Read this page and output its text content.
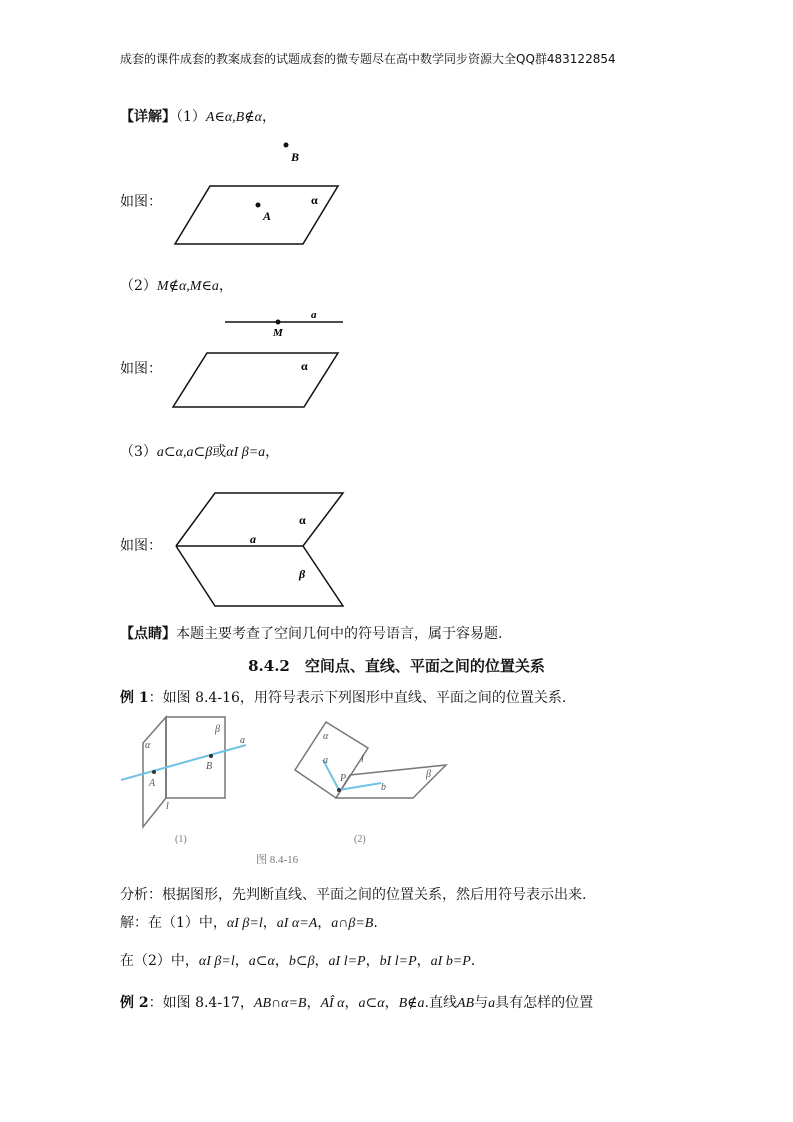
成套的课件成套的教案成套的试题成套的微专题尽在高中数学同步资源大全QQ群483122854
【详解】（1）A∈α,B∉α，
如图：
B
A
α
（2）M∉α,M∈a，
如图：
a
M
α
（3）a⊂α,a⊂β或αI β=a，
如图：
α
a
β
【点睛】本题主要考查了空间几何中的符号语言，属于容易题.
8.4.2　空间点、直线、平面之间的位置关系
例 1：如图 8.4-16，用符号表示下列图形中直线、平面之间的位置关系.
β
α	a
B
A
l
(1)
α
l
a
P
b
β
(2)
图 8.4-16
分析：根据图形，先判断直线、平面之间的位置关系，然后用符号表示出来.
解：在（1）中，αI β=l，aI α=A，a∩β=B.
在（2）中，αI β=l，a⊂α，b⊂β，aI l=P，bI l=P，aI b=P.
例 2：如图 8.4-17，AB∩α=B，AÎ α，a⊂α，B∉a.直线AB与a具有怎样的位置
